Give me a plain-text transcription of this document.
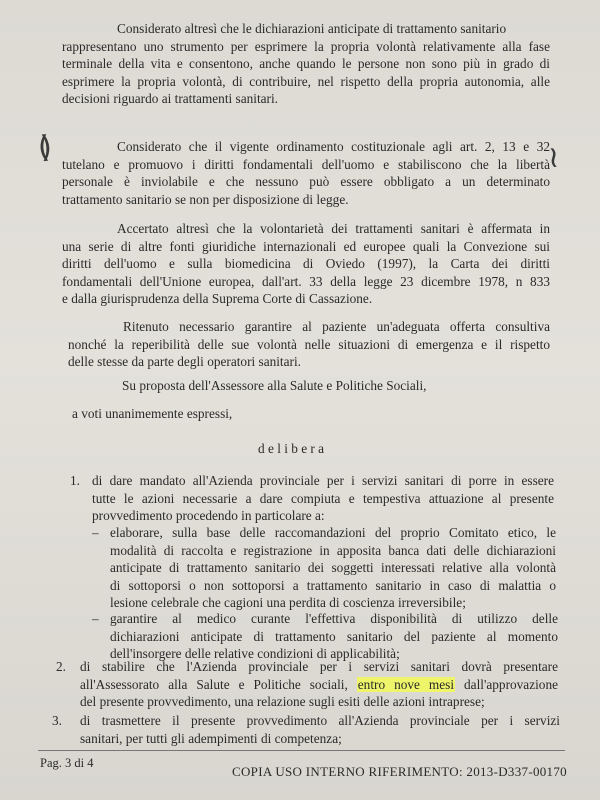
≬	≀
Considerato altresì che le dichiarazioni anticipate di trattamento sanitario
rappresentano uno strumento per esprimere la propria volontà relativamente alla fase
terminale della vita e consentono, anche quando le persone non sono più in grado di
esprimere la propria volontà, di contribuire, nel rispetto della propria autonomia, alle
decisioni riguardo ai trattamenti sanitari.
Considerato che il vigente ordinamento costituzionale agli art. 2, 13 e 32
tutelano e promuovo i diritti fondamentali dell'uomo e stabiliscono che la libertà
personale è inviolabile e che nessuno può essere obbligato a un determinato
trattamento sanitario se non per disposizione di legge.
Accertato altresì che la volontarietà dei trattamenti sanitari è affermata in
una serie di altre fonti giuridiche internazionali ed europee quali la Convezione sui
diritti dell'uomo e sulla biomedicina di Oviedo (1997), la Carta dei diritti
fondamentali dell'Unione europea, dall'art. 33 della legge 23 dicembre 1978, n 833
e dalla giurisprudenza della Suprema Corte di Cassazione.
Ritenuto necessario garantire al paziente un'adeguata offerta consultiva
nonché la reperibilità delle sue volontà nelle situazioni di emergenza e il rispetto
delle stesse da parte degli operatori sanitari.
Su proposta dell'Assessore alla Salute e Politiche Sociali,
a voti unanimemente espressi,
d e l i b e r a
1. di dare mandato all'Azienda provinciale per i servizi sanitari di porre in essere
tutte le azioni necessarie a dare compiuta e tempestiva attuazione al presente
provvedimento procedendo in particolare a:
– elaborare, sulla base delle raccomandazioni del proprio Comitato etico, le
modalità di raccolta e registrazione in apposita banca dati delle dichiarazioni
anticipate di trattamento sanitario dei soggetti interessati relative alla volontà
di sottoporsi o non sottoporsi a trattamento sanitario in caso di malattia o
lesione celebrale che cagioni una perdita di coscienza irreversibile;
– garantire al medico curante l'effettiva disponibilità di utilizzo delle
dichiarazioni anticipate di trattamento sanitario del paziente al momento
dell'insorgere delle relative condizioni di applicabilità;
2. di stabilire che l'Azienda provinciale per i servizi sanitari dovrà presentare
all'Assessorato alla Salute e Politiche sociali, entro nove mesi dall'approvazione
del presente provvedimento, una relazione sugli esiti delle azioni intraprese;
3. di trasmettere il presente provvedimento all'Azienda provinciale per i servizi
sanitari, per tutti gli adempimenti di competenza;
Pag. 3 di 4
COPIA USO INTERNO RIFERIMENTO: 2013-D337-00170
